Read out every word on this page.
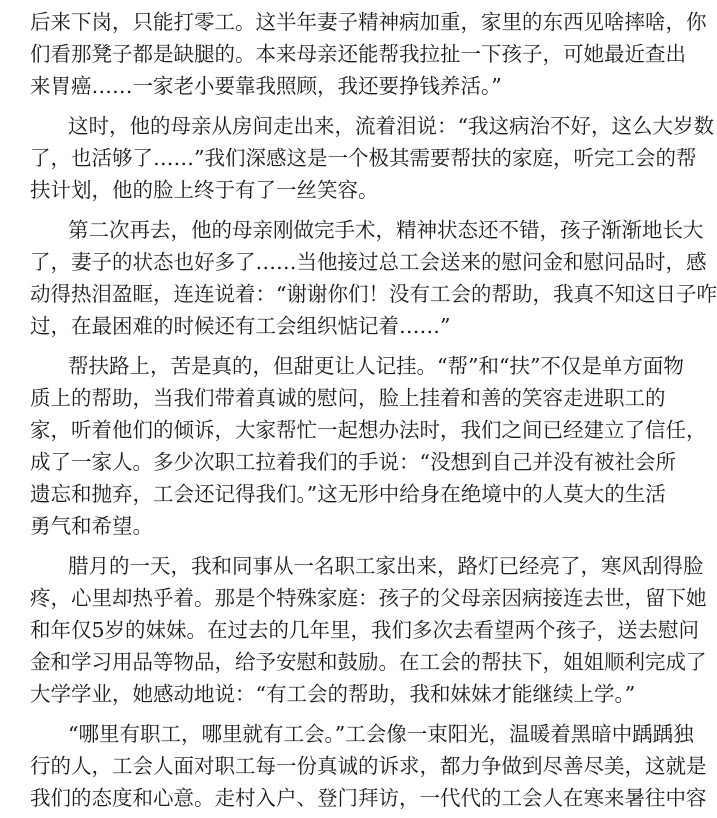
后来下岗，只能打零工。这半年妻子精神病加重，家里的东西见啥摔啥，你
们看那凳子都是缺腿的。本来母亲还能帮我拉扯一下孩子，可她最近查出
来胃癌……一家老小要靠我照顾，我还要挣钱养活。”
这时，他的母亲从房间走出来，流着泪说：“我这病治不好，这么大岁数
了，也活够了……”我们深感这是一个极其需要帮扶的家庭，听完工会的帮
扶计划，他的脸上终于有了一丝笑容。
第二次再去，他的母亲刚做完手术，精神状态还不错，孩子渐渐地长大
了，妻子的状态也好多了……当他接过总工会送来的慰问金和慰问品时，感
动得热泪盈眶，连连说着：“谢谢你们！没有工会的帮助，我真不知这日子咋
过，在最困难的时候还有工会组织惦记着……”
帮扶路上，苦是真的，但甜更让人记挂。“帮”和“扶”不仅是单方面物
质上的帮助，当我们带着真诚的慰问，脸上挂着和善的笑容走进职工的
家，听着他们的倾诉，大家帮忙一起想办法时，我们之间已经建立了信任，
成了一家人。多少次职工拉着我们的手说：“没想到自己并没有被社会所
遗忘和抛弃，工会还记得我们。”这无形中给身在绝境中的人莫大的生活
勇气和希望。
腊月的一天，我和同事从一名职工家出来，路灯已经亮了，寒风刮得脸
疼，心里却热乎着。那是个特殊家庭：孩子的父母亲因病接连去世，留下她
和年仅5岁的妹妹。在过去的几年里，我们多次去看望两个孩子，送去慰问
金和学习用品等物品，给予安慰和鼓励。在工会的帮扶下，姐姐顺利完成了
大学学业，她感动地说：“有工会的帮助，我和妹妹才能继续上学。”
“哪里有职工，哪里就有工会。”工会像一束阳光，温暖着黑暗中踽踽独
行的人，工会人面对职工每一份真诚的诉求，都力争做到尽善尽美，这就是
我们的态度和心意。走村入户、登门拜访，一代代的工会人在寒来暑往中容
